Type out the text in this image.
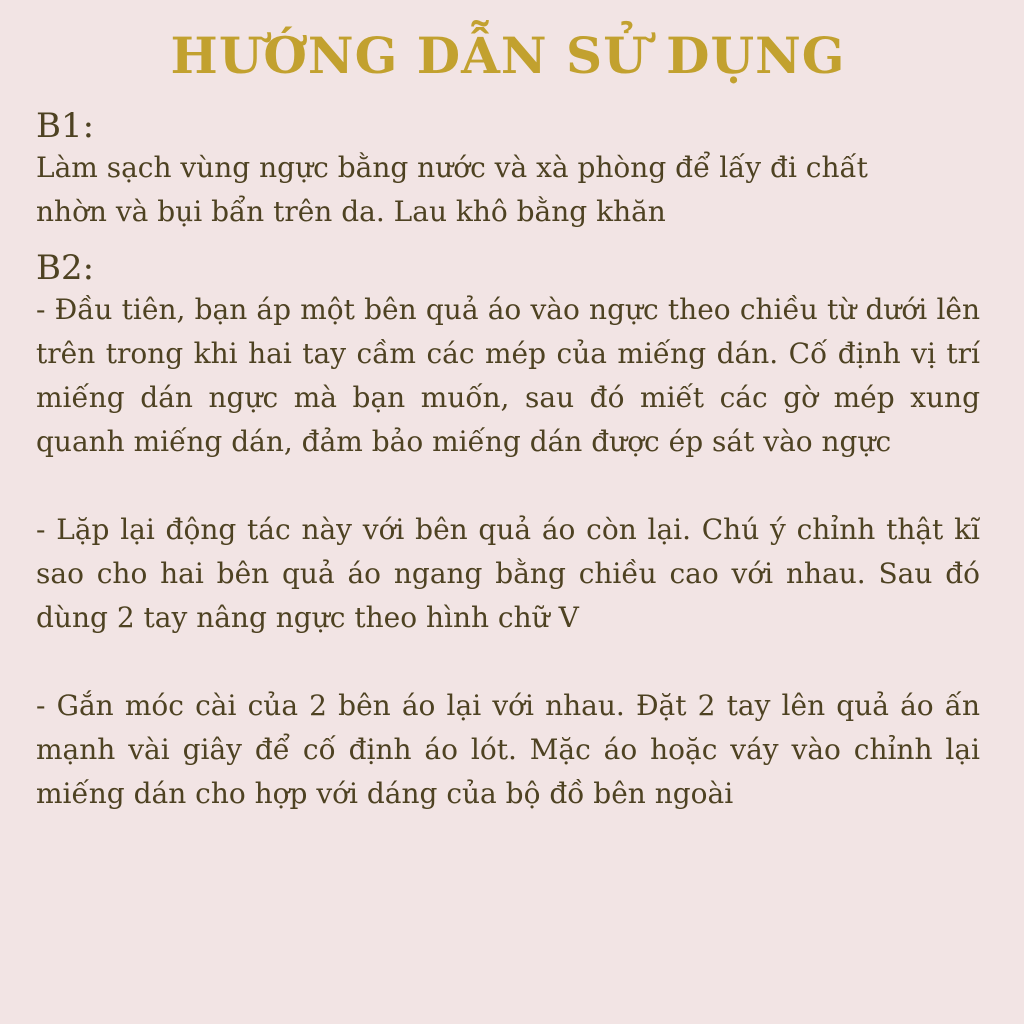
HƯỚNG DẪN SỬ DỤNG

B1:

Làm sạch vùng ngực bằng nước và xà phòng để lấy đi chất nhờn và bụi bẩn trên da. Lau khô bằng khăn

B2:

- Đầu tiên, bạn áp một bên quả áo vào ngực theo chiều từ dưới lên trên trong khi hai tay cầm các mép của miếng dán. Cố định vị trí miếng dán ngực mà bạn muốn, sau đó miết các gờ mép xung quanh miếng dán, đảm bảo miếng dán được ép sát vào ngực

- Lặp lại động tác này với bên quả áo còn lại. Chú ý chỉnh thật kĩ sao cho hai bên quả áo ngang bằng chiều cao với nhau. Sau đó dùng 2 tay nâng ngực theo hình chữ V

- Gắn móc cài của 2 bên áo lại với nhau. Đặt 2 tay lên quả áo ấn mạnh vài giây để cố định áo lót. Mặc áo hoặc váy vào chỉnh lại miếng dán cho hợp với dáng của bộ đồ bên ngoài
